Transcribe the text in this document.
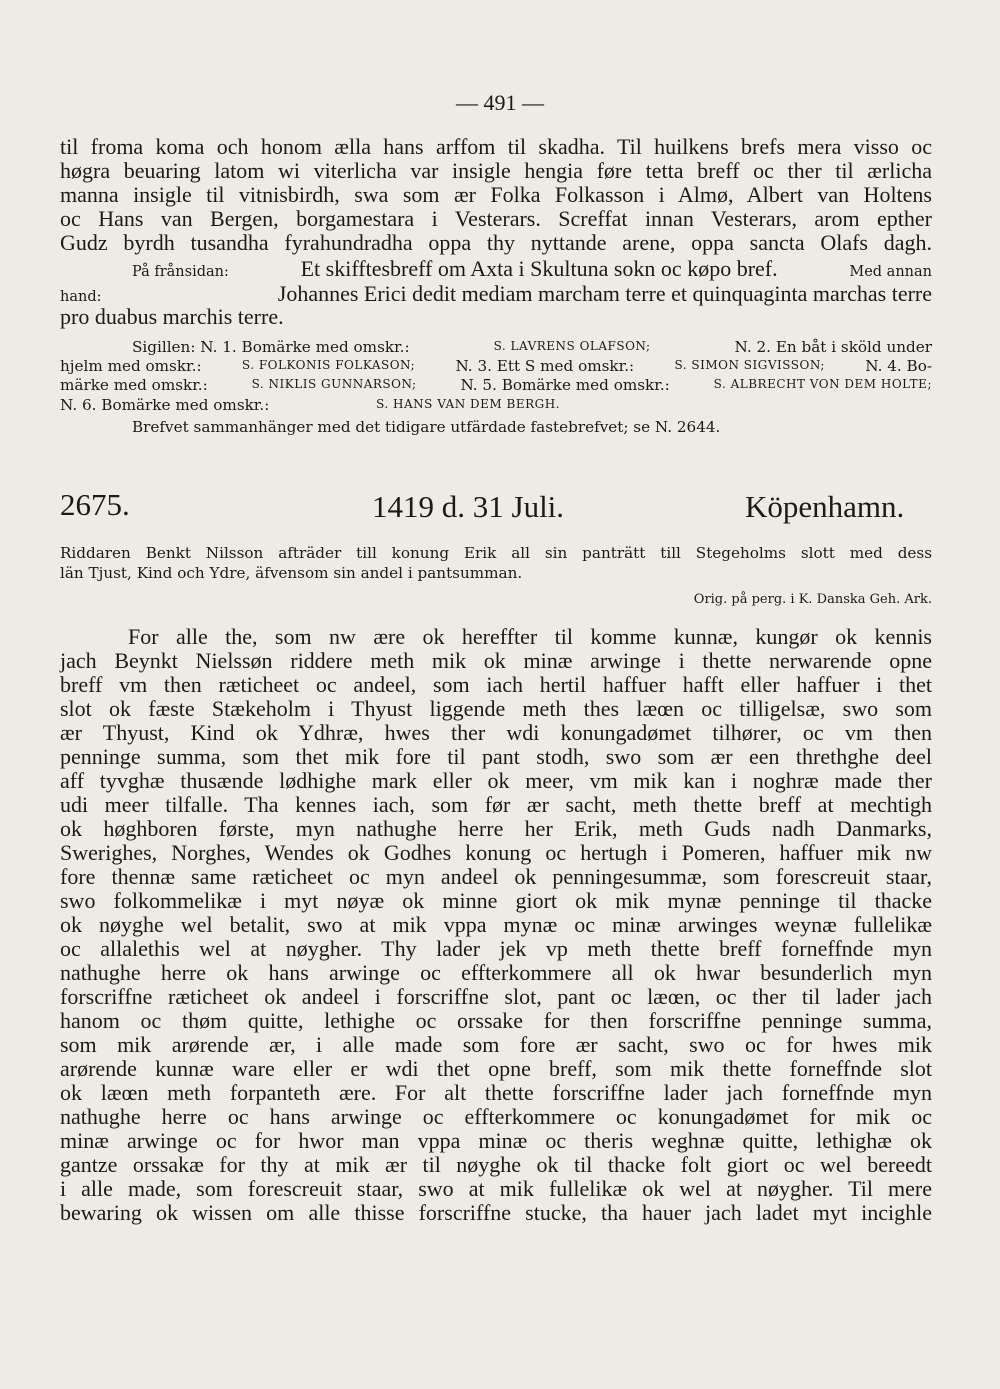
— 491 —
til froma koma och honom ælla hans arffom til skadha. Til huilkens brefs mera visso oc
høgra beuaring latom wi viterlicha var insigle hengia føre tetta breff oc ther til ærlicha
manna insigle til vitnisbirdh, swa som ær Folka Folkasson i Almø, Albert van Holtens
oc Hans van Bergen, borgamestara i Vesterars. Screffat innan Vesterars, arom epther
Gudz byrdh tusandha fyrahundradha oppa thy nyttande arene, oppa sancta Olafs dagh.
På frånsidan:	Et skifftesbreff om Axta i Skultuna sokn oc køpo bref.	Med annan
hand:	Johannes Erici dedit mediam marcham terre et quinquaginta marchas terre
pro duabus marchis terre.
Sigillen: N. 1. Bomärke med omskr.:	S. LAVRENS OLAFSON;	N. 2. En båt i sköld under
hjelm med omskr.:	S. FOLKONIS FOLKASON;	N. 3. Ett S med omskr.:	S. SIMON SIGVISSON;	N. 4. Bo-
märke med omskr.:	S. NIKLIS GUNNARSON;	N. 5. Bomärke med omskr.:	S. ALBRECHT VON DEM HOLTE;
N. 6. Bomärke med omskr.:	S. HANS VAN DEM BERGH.
Brefvet sammanhänger med det tidigare utfärdade fastebrefvet; se N. 2644.
2675.	1419 d. 31 Juli.	Köpenhamn.
Riddaren Benkt Nilsson afträder till konung Erik all sin panträtt till Stegeholms slott med dess
län Tjust, Kind och Ydre, äfvensom sin andel i pantsumman.
Orig. på perg. i K. Danska Geh. Ark.
For alle the, som nw ære ok hereffter til komme kunnæ, kungør ok kennis
jach Beynkt Nielssøn riddere meth mik ok minæ arwinge i thette nerwarende opne
breff vm then ræticheet oc andeel, som iach hertil haffuer hafft eller haffuer i thet
slot ok fæste Stækeholm i Thyust liggende meth thes læœn oc tilligelsæ, swo som
ær Thyust, Kind ok Ydhræ, hwes ther wdi konungadømet tilhører, oc vm then
penninge summa, som thet mik fore til pant stodh, swo som ær een threthghe deel
aff tyvghæ thusænde lødhighe mark eller ok meer, vm mik kan i noghræ made ther
udi meer tilfalle. Tha kennes iach, som før ær sacht, meth thette breff at mechtigh
ok høghboren første, myn nathughe herre her Erik, meth Guds nadh Danmarks,
Swerighes, Norghes, Wendes ok Godhes konung oc hertugh i Pomeren, haffuer mik nw
fore thennæ same ræticheet oc myn andeel ok penningesummæ, som forescreuit staar,
swo folkommelikæ i myt nøyæ ok minne giort ok mik mynæ penninge til thacke
ok nøyghe wel betalit, swo at mik vppa mynæ oc minæ arwinges weynæ fullelikæ
oc allalethis wel at nøygher. Thy lader jek vp meth thette breff forneffnde myn
nathughe herre ok hans arwinge oc effterkommere all ok hwar besunderlich myn
forscriffne ræticheet ok andeel i forscriffne slot, pant oc læœn, oc ther til lader jach
hanom oc thøm quitte, lethighe oc orssake for then forscriffne penninge summa,
som mik arørende ær, i alle made som fore ær sacht, swo oc for hwes mik
arørende kunnæ ware eller er wdi thet opne breff, som mik thette forneffnde slot
ok læœn meth forpanteth ære. For alt thette forscriffne lader jach forneffnde myn
nathughe herre oc hans arwinge oc effterkommere oc konungadømet for mik oc
minæ arwinge oc for hwor man vppa minæ oc theris weghnæ quitte, lethighæ ok
gantze orssakæ for thy at mik ær til nøyghe ok til thacke folt giort oc wel bereedt
i alle made, som forescreuit staar, swo at mik fullelikæ ok wel at nøygher. Til mere
bewaring ok wissen om alle thisse forscriffne stucke, tha hauer jach ladet myt incighle
